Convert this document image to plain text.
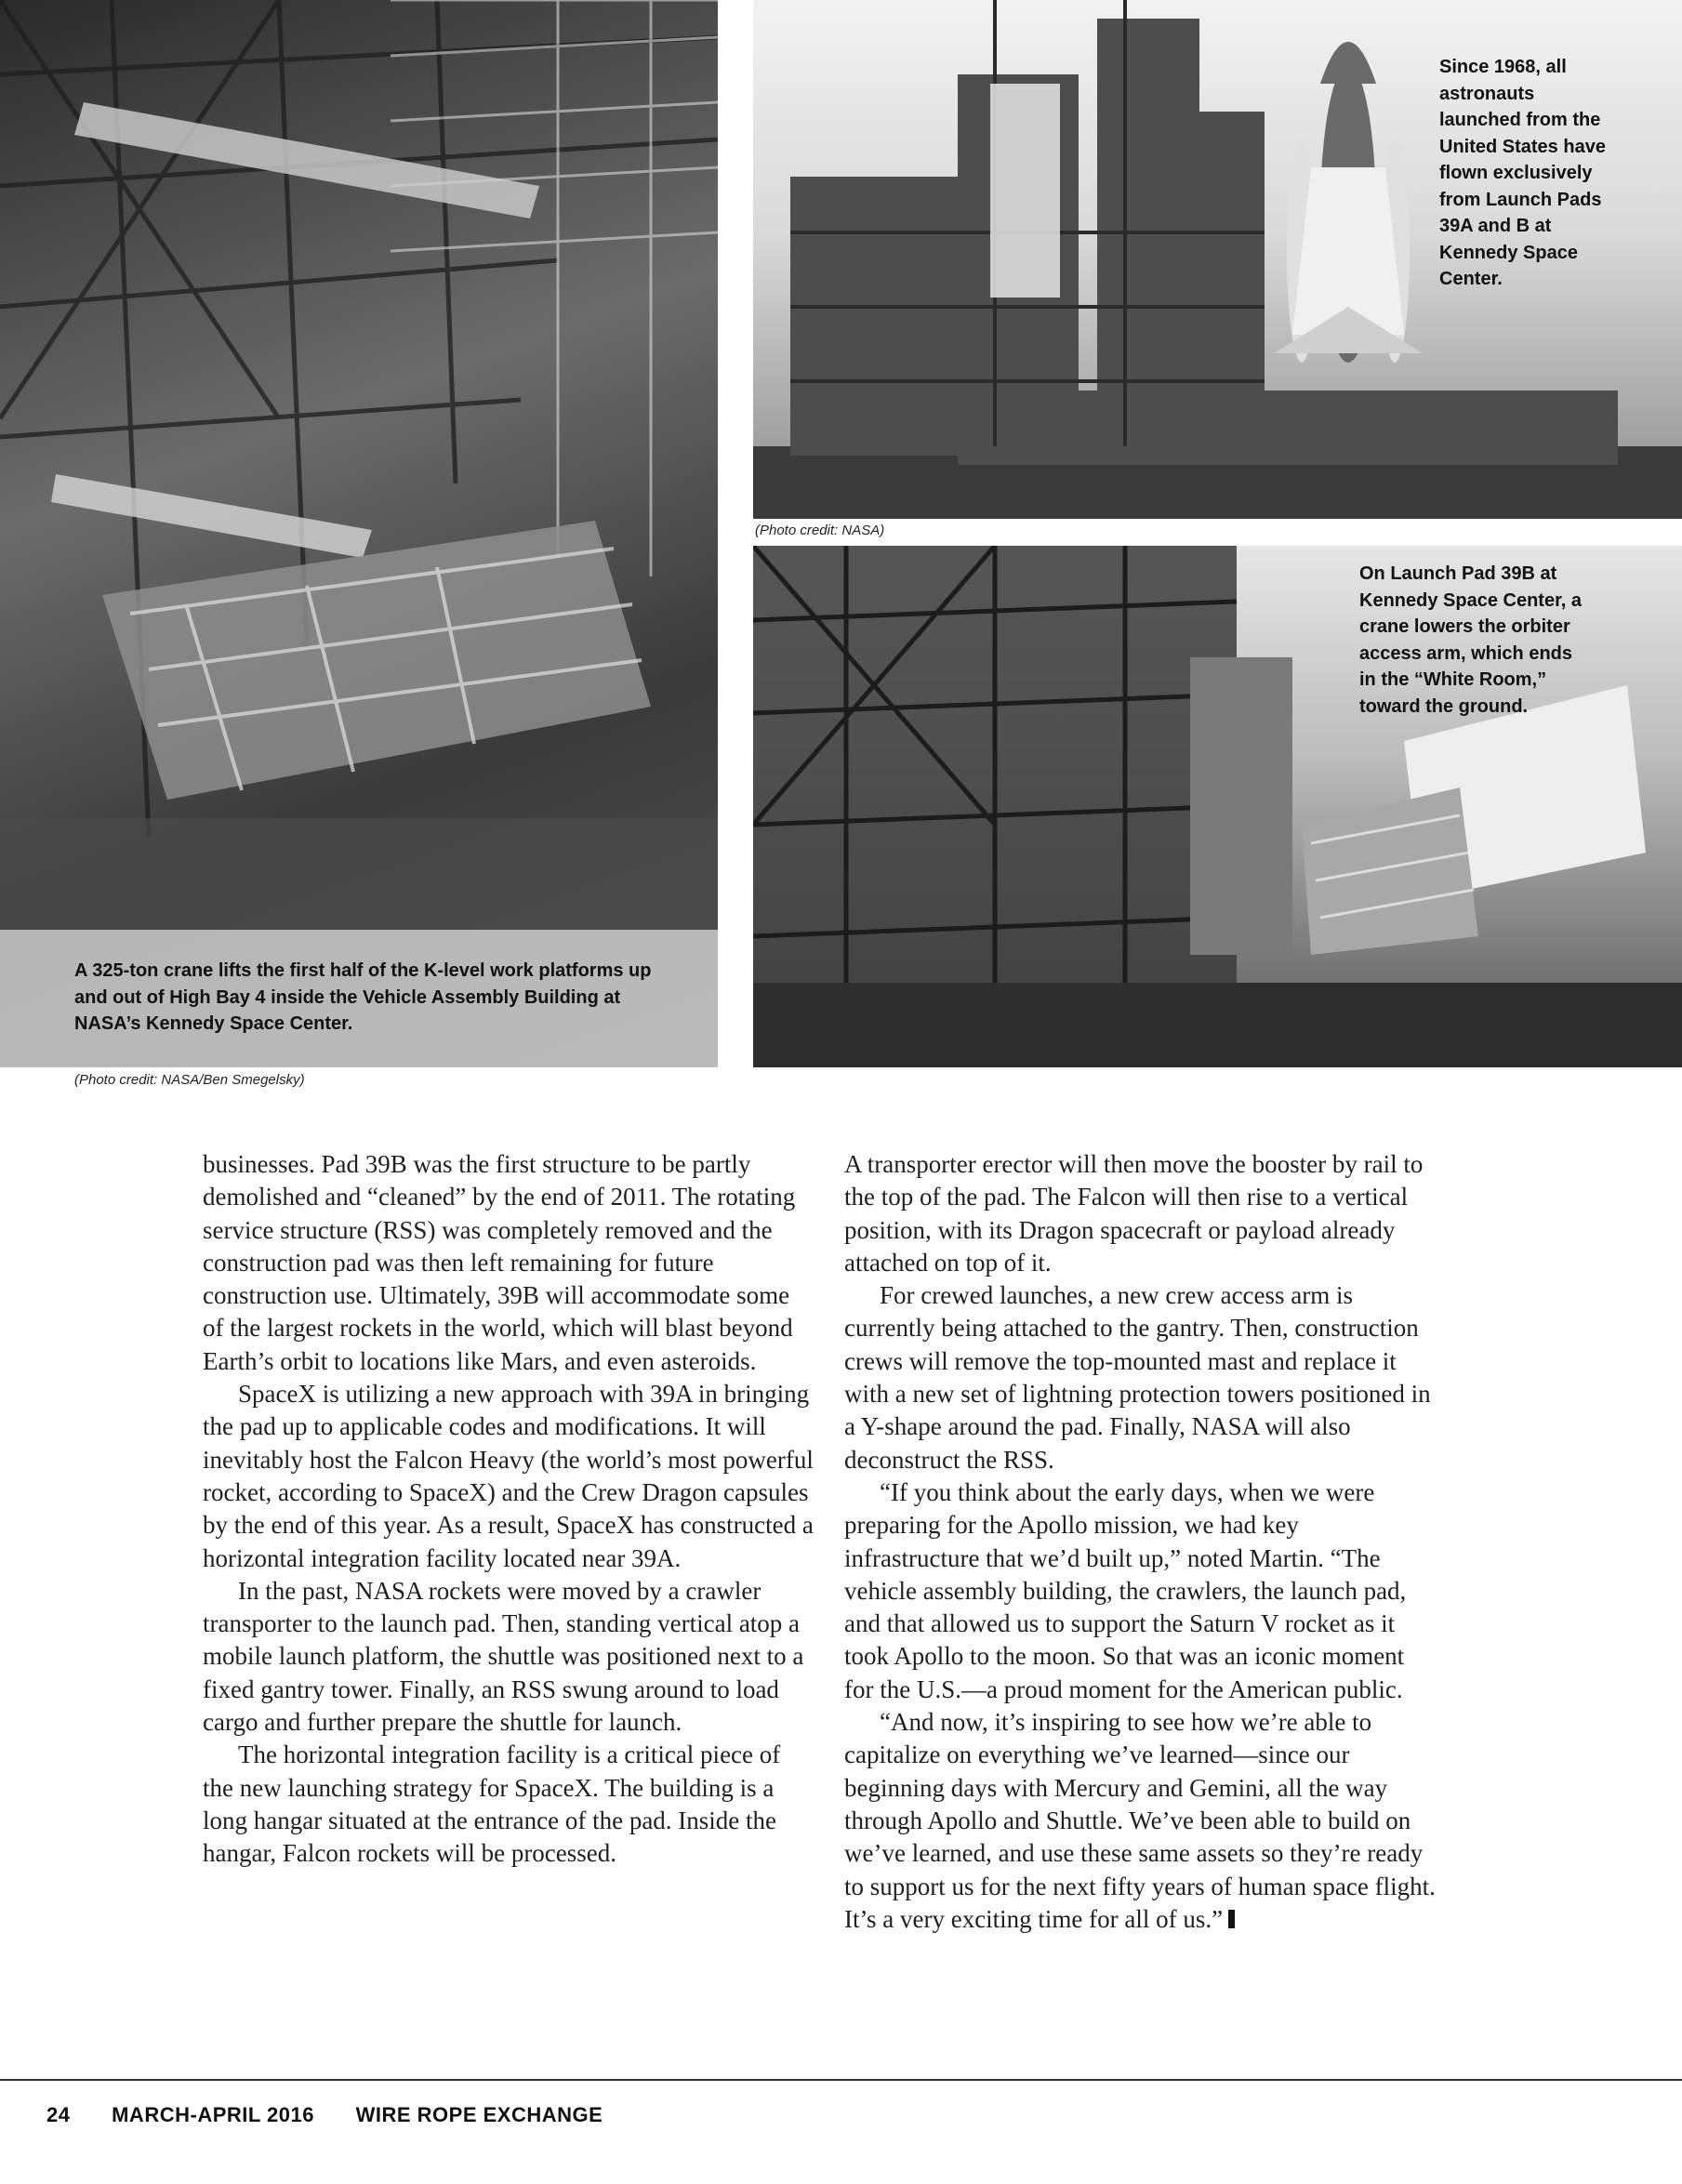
A 325-ton crane lifts the first half of the K-level work platforms up and out of High Bay 4 inside the Vehicle Assembly Building at NASA’s Kennedy Space Center.
(Photo credit: NASA/Ben Smegelsky)
Since 1968, all astronauts launched from the United States have flown exclusively from Launch Pads 39A and B at Kennedy Space Center.
(Photo credit: NASA)
On Launch Pad 39B at Kennedy Space Center, a crane lowers the orbiter access arm, which ends in the “White Room,” toward the ground.

businesses. Pad 39B was the first structure to be partly demolished and “cleaned” by the end of 2011. The rotating service structure (RSS) was completely removed and the construction pad was then left remaining for future construction use. Ultimately, 39B will accommodate some of the largest rockets in the world, which will blast beyond Earth’s orbit to locations like Mars, and even asteroids.

SpaceX is utilizing a new approach with 39A in bringing the pad up to applicable codes and modifications. It will inevitably host the Falcon Heavy (the world’s most powerful rocket, according to SpaceX) and the Crew Dragon capsules by the end of this year. As a result, SpaceX has constructed a horizontal integration facility located near 39A.

In the past, NASA rockets were moved by a crawler transporter to the launch pad. Then, standing vertical atop a mobile launch platform, the shuttle was positioned next to a fixed gantry tower. Finally, an RSS swung around to load cargo and further prepare the shuttle for launch.

The horizontal integration facility is a critical piece of the new launching strategy for SpaceX. The building is a long hangar situated at the entrance of the pad. Inside the hangar, Falcon rockets will be processed.

A transporter erector will then move the booster by rail to the top of the pad. The Falcon will then rise to a vertical position, with its Dragon spacecraft or payload already attached on top of it.

For crewed launches, a new crew access arm is currently being attached to the gantry. Then, construction crews will remove the top-mounted mast and replace it with a new set of lightning protection towers positioned in a Y-shape around the pad. Finally, NASA will also deconstruct the RSS.

“If you think about the early days, when we were preparing for the Apollo mission, we had key infrastructure that we’d built up,” noted Martin. “The vehicle assembly building, the crawlers, the launch pad, and that allowed us to support the Saturn V rocket as it took Apollo to the moon. So that was an iconic moment for the U.S.—a proud moment for the American public.

“And now, it’s inspiring to see how we’re able to capitalize on everything we’ve learned—since our beginning days with Mercury and Gemini, all the way through Apollo and Shuttle. We’ve been able to build on we’ve learned, and use these same assets so they’re ready to support us for the next fifty years of human space flight. It’s a very exciting time for all of us.”

24 MARCH-APRIL 2016 WIRE ROPE EXCHANGE
